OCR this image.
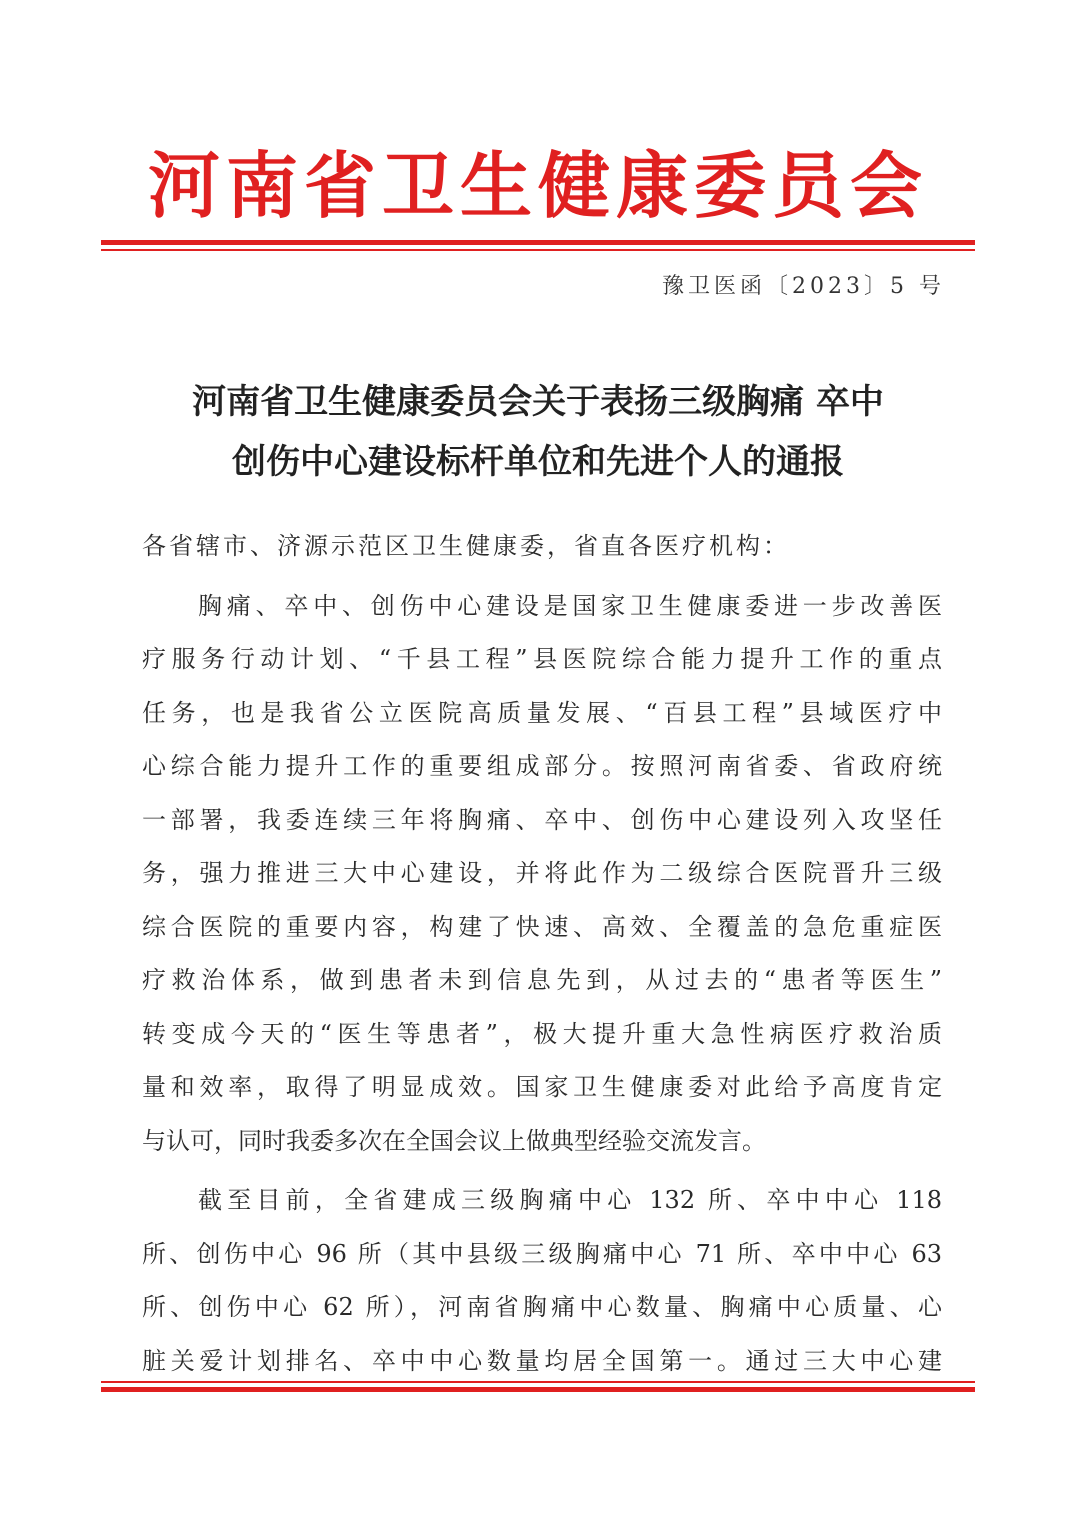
河南省卫生健康委员会
豫卫医函〔2023〕5 号
河南省卫生健康委员会关于表扬三级胸痛 卒中
创伤中心建设标杆单位和先进个人的通报

各省辖市、济源示范区卫生健康委，省直各医疗机构：

胸痛、卒中、创伤中心建设是国家卫生健康委进一步改善医
疗服务行动计划、“千县工程”县医院综合能力提升工作的重点
任务，也是我省公立医院高质量发展、“百县工程”县域医疗中
心综合能力提升工作的重要组成部分。按照河南省委、省政府统
一部署，我委连续三年将胸痛、卒中、创伤中心建设列入攻坚任
务，强力推进三大中心建设，并将此作为二级综合医院晋升三级
综合医院的重要内容，构建了快速、高效、全覆盖的急危重症医
疗救治体系，做到患者未到信息先到，从过去的“患者等医生”
转变成今天的“医生等患者”，极大提升重大急性病医疗救治质
量和效率，取得了明显成效。国家卫生健康委对此给予高度肯定
与认可，同时我委多次在全国会议上做典型经验交流发言。

截至目前，全省建成三级胸痛中心 132 所、卒中中心 118
所、创伤中心 96 所（其中县级三级胸痛中心 71 所、卒中中心 63
所、创伤中心 62 所），河南省胸痛中心数量、胸痛中心质量、心
脏关爱计划排名、卒中中心数量均居全国第一。通过三大中心建
